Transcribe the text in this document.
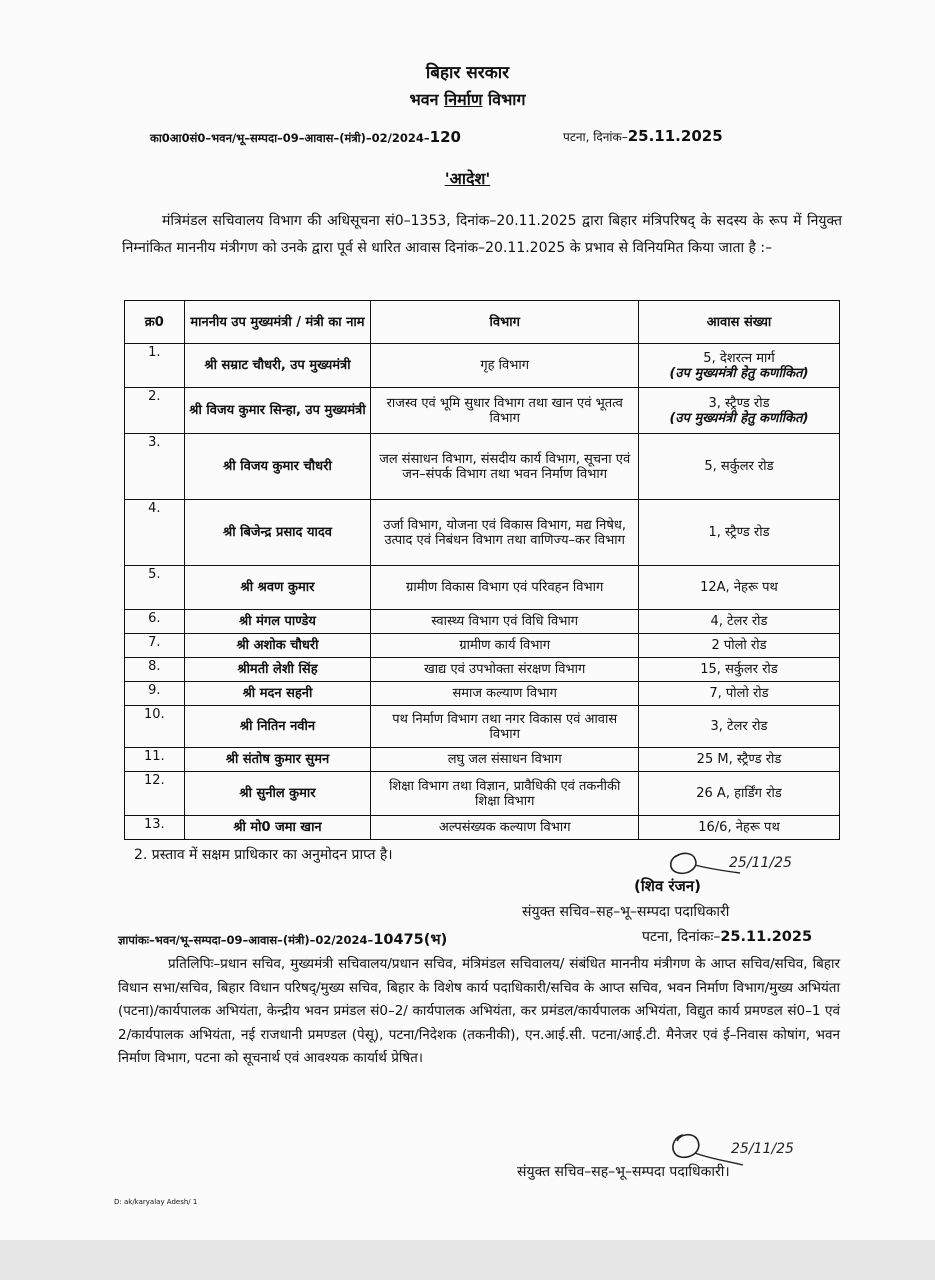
बिहार सरकार
भवन निर्माण विभाग
का0आ0सं0–भवन/भू–सम्पदा–09–आवास–(मंत्री)–02/2024–120	पटना, दिनांक–25.11.2025
'आदेश'
मंत्रिमंडल सचिवालय विभाग की अधिसूचना सं0–1353, दिनांक–20.11.2025 द्वारा बिहार मंत्रिपरिषद् के सदस्य के रूप में नियुक्त निम्नांकित माननीय मंत्रीगण को उनके द्वारा पूर्व से धारित आवास दिनांक–20.11.2025 के प्रभाव से विनियमित किया जाता है :–
क्र0	माननीय उप मुख्यमंत्री / मंत्री का नाम	विभाग	आवास संख्या
1.	श्री सम्राट चौधरी, उप मुख्यमंत्री	गृह विभाग	5, देशरत्न मार्ग
(उप मुख्यमंत्री हेतु कर्णाकित)

2.	श्री विजय कुमार सिन्हा, उप मुख्यमंत्री	राजस्व एवं भूमि सुधार विभाग तथा खान एवं भूतत्व विभाग	3, स्ट्रैण्ड रोड
(उप मुख्यमंत्री हेतु कर्णाकित)

3.	श्री विजय कुमार चौधरी	जल संसाधन विभाग, संसदीय कार्य विभाग, सूचना एवं जन–संपर्क विभाग तथा भवन निर्माण विभाग	5, सर्कुलर रोड
4.	श्री बिजेन्द्र प्रसाद यादव	उर्जा विभाग, योजना एवं विकास विभाग, मद्य निषेध, उत्पाद एवं निबंधन विभाग तथा वाणिज्य–कर विभाग	1, स्ट्रैण्ड रोड
5.	श्री श्रवण कुमार	ग्रामीण विकास विभाग एवं परिवहन विभाग	12A, नेहरू पथ
6.	श्री मंगल पाण्डेय	स्वास्थ्य विभाग एवं विधि विभाग	4, टेलर रोड
7.	श्री अशोक चौधरी	ग्रामीण कार्य विभाग	2 पोलो रोड
8.	श्रीमती लेशी सिंह	खाद्य एवं उपभोक्ता संरक्षण विभाग	15, सर्कुलर रोड
9.	श्री मदन सहनी	समाज कल्याण विभाग	7, पोलो रोड
10.	श्री नितिन नवीन	पथ निर्माण विभाग तथा नगर विकास एवं आवास विभाग	3, टेलर रोड
11.	श्री संतोष कुमार सुमन	लघु जल संसाधन विभाग	25 M, स्ट्रैण्ड रोड
12.	श्री सुनील कुमार	शिक्षा विभाग तथा विज्ञान, प्रावैधिकी एवं तकनीकी शिक्षा विभाग	26 A, हार्डिंग रोड
13.	श्री मो0 जमा खान	अल्पसंख्यक कल्याण विभाग	16/6, नेहरू पथ
2. प्रस्ताव में सक्षम प्राधिकार का अनुमोदन प्राप्त है।	25/11/25
(शिव रंजन)
संयुक्त सचिव–सह–भू–सम्पदा पदाधिकारी
ज्ञापांकः–भवन/भू–सम्पदा–09–आवास–(मंत्री)–02/2024–10475(भ)	पटना, दिनांकः–25.11.2025
प्रतिलिपिः–प्रधान सचिव, मुख्यमंत्री सचिवालय/प्रधान सचिव, मंत्रिमंडल सचिवालय/ संबंधित माननीय मंत्रीगण के आप्त सचिव/सचिव, बिहार विधान सभा/सचिव, बिहार विधान परिषद्/मुख्य सचिव, बिहार के विशेष कार्य पदाधिकारी/सचिव के आप्त सचिव, भवन निर्माण विभाग/मुख्य अभियंता (पटना)/कार्यपालक अभियंता, केन्द्रीय भवन प्रमंडल सं0–2/ कार्यपालक अभियंता, कर प्रमंडल/कार्यपालक अभियंता, विद्युत कार्य प्रमण्डल सं0–1 एवं 2/कार्यपालक अभियंता, नई राजधानी प्रमण्डल (पेसू), पटना/निदेशक (तकनीकी), एन.आई.सी. पटना/आई.टी. मैनेजर एवं ई–निवास कोषांग, भवन निर्माण विभाग, पटना को सूचनार्थ एवं आवश्यक कार्यार्थ प्रेषित।
25/11/25
संयुक्त सचिव–सह–भू–सम्पदा पदाधिकारी।
D: ak/karyalay Adesh/ 1
